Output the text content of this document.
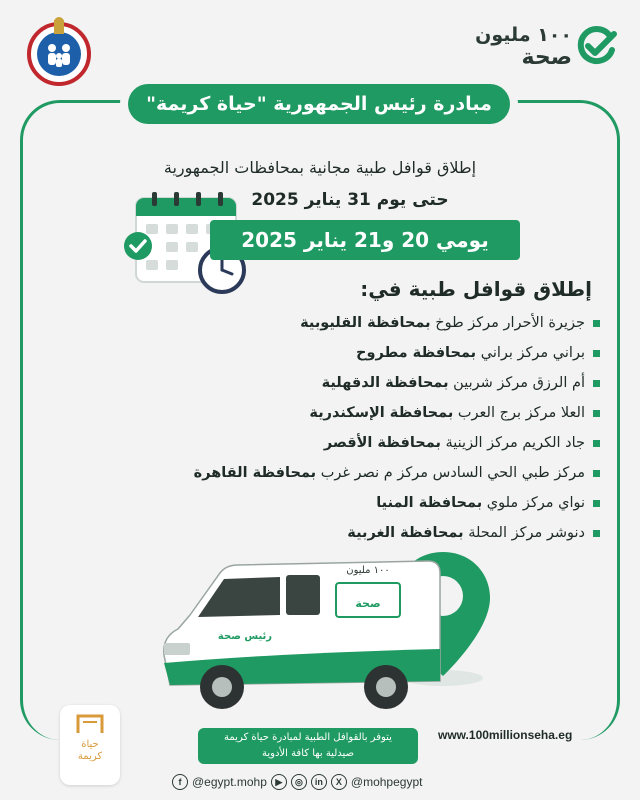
١٠٠ مليون
صحة
مبادرة رئيس الجمهورية "حياة كريمة"
إطلاق قوافل طبية مجانية بمحافظات الجمهورية
حتى يوم 31 يناير 2025
يومي 20 و21 يناير 2025
إطلاق قوافل طبية في:
جزيرة الأحرار مركز طوخ بمحافظة القليوبية
براني مركز براني بمحافظة مطروح
أم الرزق مركز شربين بمحافظة الدقهلية
العلا مركز برج العرب بمحافظة الإسكندرية
جاد الكريم مركز الزينية بمحافظة الأقصر
مركز طبي الحي السادس مركز م نصر غرب بمحافظة القاهرة
نواي مركز ملوي بمحافظة المنيا
دنوشر مركز المحلة بمحافظة الغربية
١٠٠ مليون
صحة
رئيس صحة
حياة
كريمة
يتوفر بالقوافل الطبية لمبادرة حياة كريمة
صيدلية بها كافة الأدوية
www.100millionseha.eg
f @egypt.mohp ▶	◎	in	X @mohpegypt
